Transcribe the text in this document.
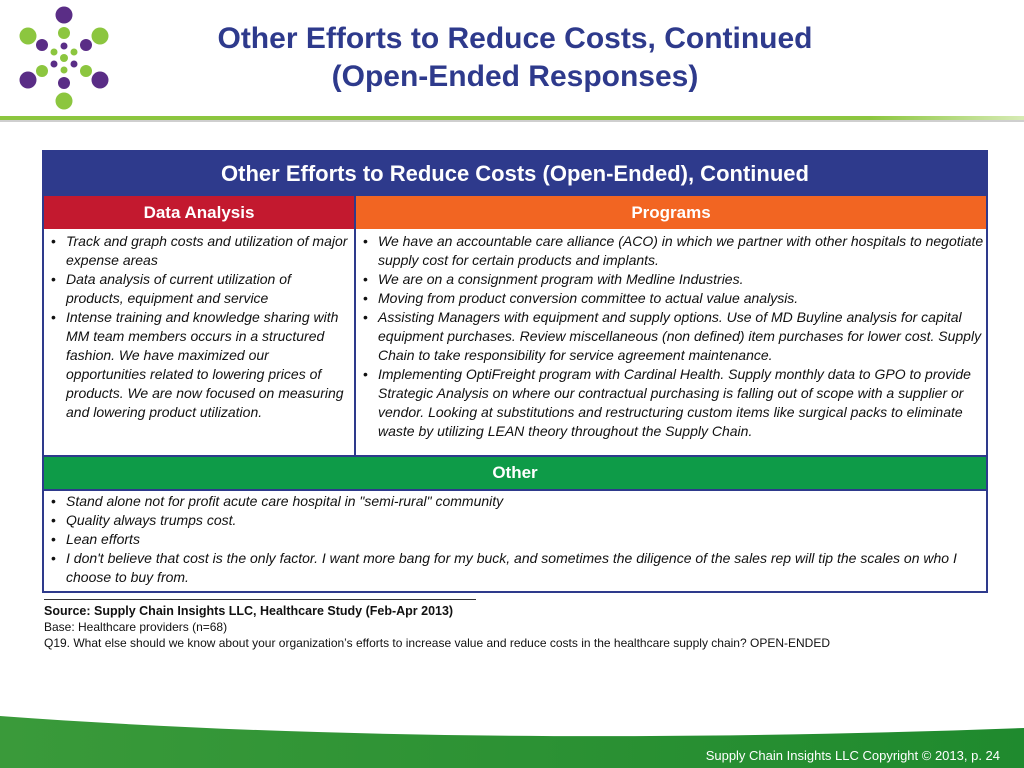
Other Efforts to Reduce Costs, Continued
(Open-Ended Responses)
Other Efforts to Reduce Costs (Open-Ended), Continued
Data Analysis	Programs
• Track and graph costs and utilization of major expense areas
• Data analysis of current utilization of products, equipment and service
• Intense training and knowledge sharing with MM team members occurs in a structured fashion. We have maximized our opportunities related to lowering prices of products. We are now focused on measuring and lowering product utilization.
• We have an accountable care alliance (ACO) in which we partner with other hospitals to negotiate supply cost for certain products and implants.
• We are on a consignment program with Medline Industries.
• Moving from product conversion committee to actual value analysis.
• Assisting Managers with equipment and supply options. Use of MD Buyline analysis for capital equipment purchases. Review miscellaneous (non defined) item purchases for lower cost. Supply Chain to take responsibility for service agreement maintenance.
• Implementing OptiFreight program with Cardinal Health. Supply monthly data to GPO to provide Strategic Analysis on where our contractual purchasing is falling out of scope with a supplier or vendor. Looking at substitutions and restructuring custom items like surgical packs to eliminate waste by utilizing LEAN theory throughout the Supply Chain.
Other
• Stand alone not for profit acute care hospital in "semi-rural" community
• Quality always trumps cost.
• Lean efforts
• I don't believe that cost is the only factor. I want more bang for my buck, and sometimes the diligence of the sales rep will tip the scales on who I choose to buy from.
Source: Supply Chain Insights LLC, Healthcare Study (Feb-Apr 2013)
Base: Healthcare providers (n=68)
Q19. What else should we know about your organization’s efforts to increase value and reduce costs in the healthcare supply chain? OPEN-ENDED
Supply Chain Insights LLC Copyright © 2013, p. 24
